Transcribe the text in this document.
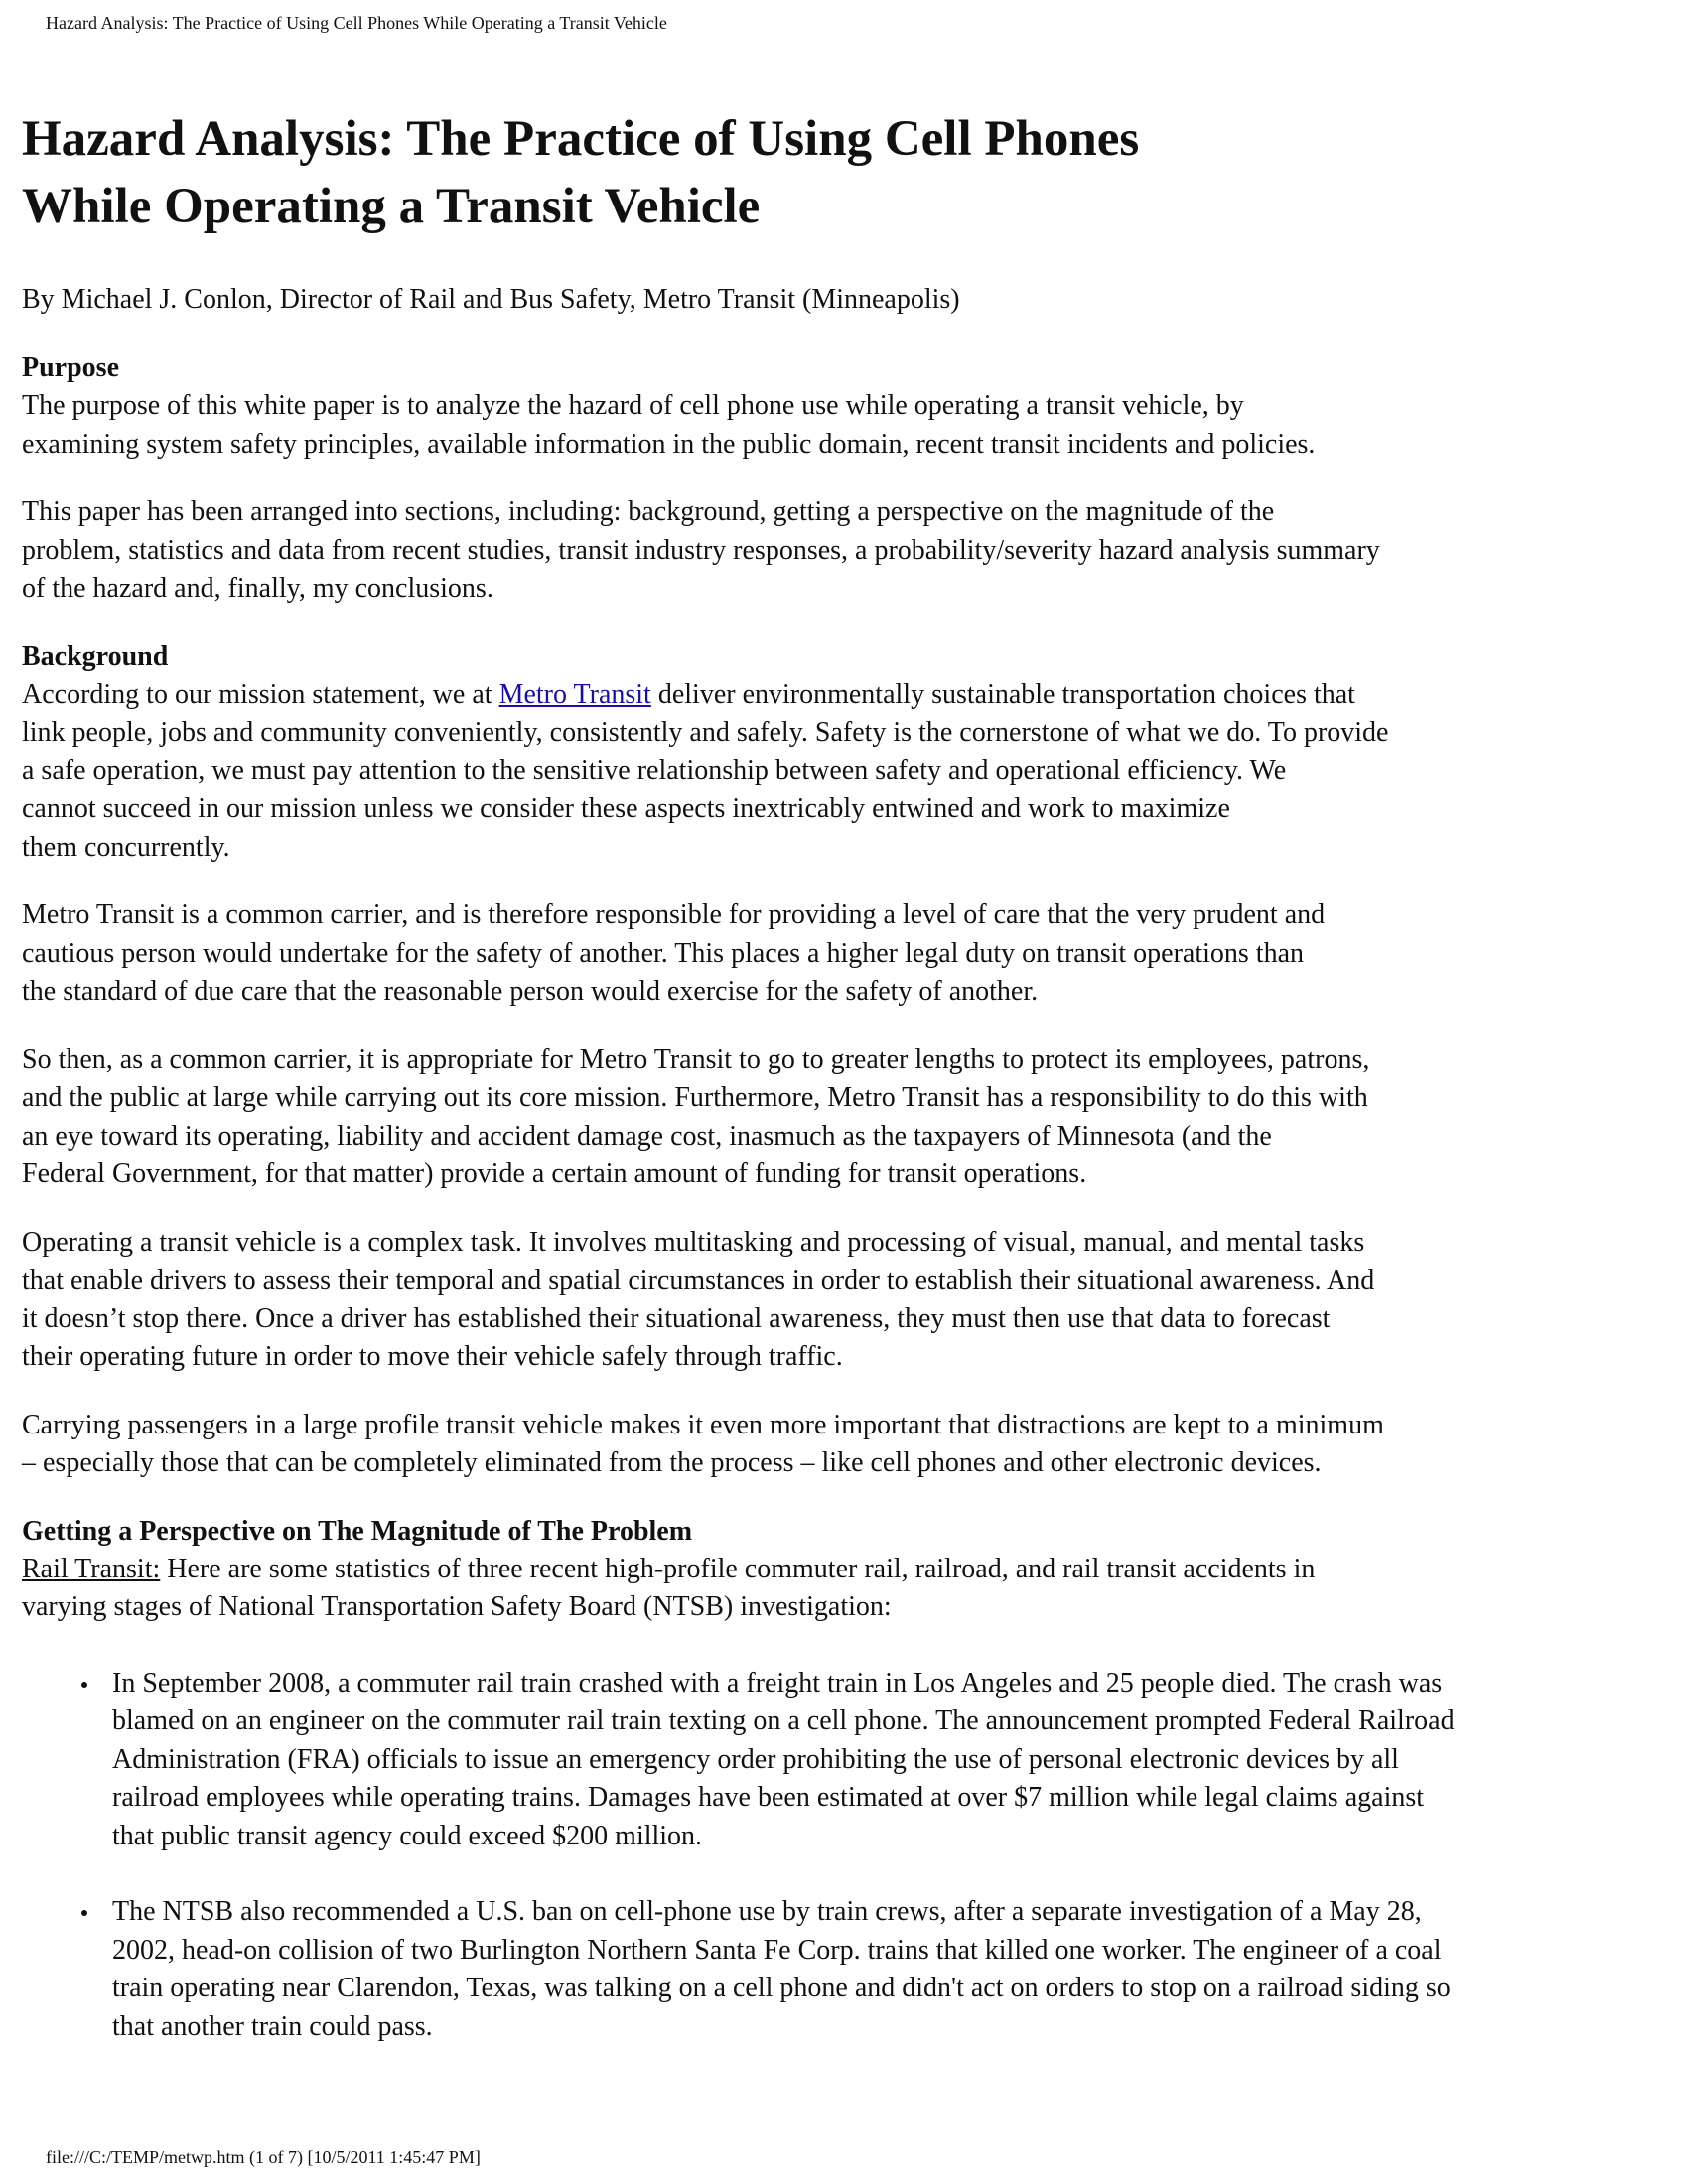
Hazard Analysis: The Practice of Using Cell Phones While Operating a Transit Vehicle
Hazard Analysis: The Practice of Using Cell Phones
While Operating a Transit Vehicle
By Michael J. Conlon, Director of Rail and Bus Safety, Metro Transit (Minneapolis)
Purpose

The purpose of this white paper is to analyze the hazard of cell phone use while operating a transit vehicle, by
examining system safety principles, available information in the public domain, recent transit incidents and policies.

This paper has been arranged into sections, including: background, getting a perspective on the magnitude of the
problem, statistics and data from recent studies, transit industry responses, a probability/severity hazard analysis summary
of the hazard and, finally, my conclusions.

Background

According to our mission statement, we at Metro Transit deliver environmentally sustainable transportation choices that
link people, jobs and community conveniently, consistently and safely. Safety is the cornerstone of what we do. To provide
a safe operation, we must pay attention to the sensitive relationship between safety and operational efficiency. We
cannot succeed in our mission unless we consider these aspects inextricably entwined and work to maximize
them concurrently.

Metro Transit is a common carrier, and is therefore responsible for providing a level of care that the very prudent and
cautious person would undertake for the safety of another. This places a higher legal duty on transit operations than
the standard of due care that the reasonable person would exercise for the safety of another.

So then, as a common carrier, it is appropriate for Metro Transit to go to greater lengths to protect its employees, patrons,
and the public at large while carrying out its core mission. Furthermore, Metro Transit has a responsibility to do this with
an eye toward its operating, liability and accident damage cost, inasmuch as the taxpayers of Minnesota (and the
Federal Government, for that matter) provide a certain amount of funding for transit operations.

Operating a transit vehicle is a complex task. It involves multitasking and processing of visual, manual, and mental tasks
that enable drivers to assess their temporal and spatial circumstances in order to establish their situational awareness. And
it doesn’t stop there. Once a driver has established their situational awareness, they must then use that data to forecast
their operating future in order to move their vehicle safely through traffic.

Carrying passengers in a large profile transit vehicle makes it even more important that distractions are kept to a minimum
– especially those that can be completely eliminated from the process – like cell phones and other electronic devices.

Getting a Perspective on The Magnitude of The Problem

Rail Transit: Here are some statistics of three recent high-profile commuter rail, railroad, and rail transit accidents in
varying stages of National Transportation Safety Board (NTSB) investigation:

In September 2008, a commuter rail train crashed with a freight train in Los Angeles and 25 people died. The crash was
blamed on an engineer on the commuter rail train texting on a cell phone. The announcement prompted Federal Railroad
Administration (FRA) officials to issue an emergency order prohibiting the use of personal electronic devices by all
railroad employees while operating trains. Damages have been estimated at over $7 million while legal claims against
that public transit agency could exceed $200 million.
The NTSB also recommended a U.S. ban on cell-phone use by train crews, after a separate investigation of a May 28,
2002, head-on collision of two Burlington Northern Santa Fe Corp. trains that killed one worker. The engineer of a coal
train operating near Clarendon, Texas, was talking on a cell phone and didn't act on orders to stop on a railroad siding so
that another train could pass.
file:///C:/TEMP/metwp.htm (1 of 7) [10/5/2011 1:45:47 PM]
